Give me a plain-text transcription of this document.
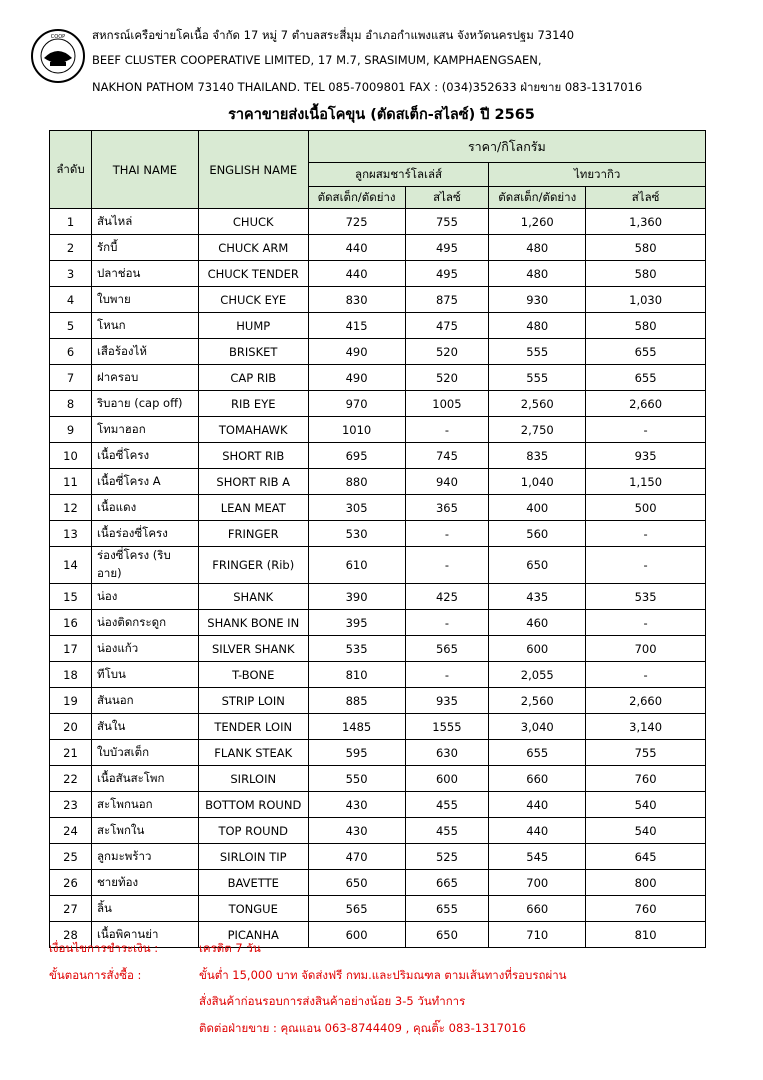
COOP สหกรณ์เครือข่ายโคเนื้อ จำกัด 17 หมู่ 7 ตำบลสระสี่มุม อำเภอกำแพงแสน จังหวัดนครปฐม 73140
BEEF CLUSTER COOPERATIVE LIMITED, 17 M.7, SRASIMUM, KAMPHAENGSAEN,
NAKHON PATHOM 73140 THAILAND. TEL 085-7009801 FAX : (034)352633 ฝ่ายขาย 083-1317016
ราคาขายส่งเนื้อโคขุน (ตัดสเต็ก-สไลซ์) ปี 2565
ลำดับ	THAI NAME	ENGLISH NAME	ราคา/กิโลกรัม			
			ลูกผสมชาร์โลเล่ส์		ไทยวากิว	
			ตัดสเต็ก/ตัดย่าง	สไลซ์	ตัดสเต็ก/ตัดย่าง	สไลซ์
1	สันไหล่	CHUCK	725	755	1,260	1,360
2	รักบี้	CHUCK ARM	440	495	480	580
3	ปลาช่อน	CHUCK TENDER	440	495	480	580
4	ใบพาย	CHUCK EYE	830	875	930	1,030
5	โหนก	HUMP	415	475	480	580
6	เสือร้องไห้	BRISKET	490	520	555	655
7	ฝาครอบ	CAP RIB	490	520	555	655
8	ริบอาย (cap off)	RIB EYE	970	1005	2,560	2,660
9	โทมาฮอก	TOMAHAWK	1010	-	2,750	-
10	เนื้อซี่โครง	SHORT RIB	695	745	835	935
11	เนื้อซี่โครง A	SHORT RIB A	880	940	1,040	1,150
12	เนื้อแดง	LEAN MEAT	305	365	400	500
13	เนื้อร่องซี่โครง	FRINGER	530	-	560	-
14	ร่องซี่โครง (ริบอาย)	FRINGER (Rib)	610	-	650	-
15	น่อง	SHANK	390	425	435	535
16	น่องติดกระดูก	SHANK BONE IN	395	-	460	-
17	น่องแก้ว	SILVER SHANK	535	565	600	700
18	ทีโบน	T-BONE	810	-	2,055	-
19	สันนอก	STRIP LOIN	885	935	2,560	2,660
20	สันใน	TENDER LOIN	1485	1555	3,040	3,140
21	ใบบัวสเต็ก	FLANK STEAK	595	630	655	755
22	เนื้อสันสะโพก	SIRLOIN	550	600	660	760
23	สะโพกนอก	BOTTOM ROUND	430	455	440	540
24	สะโพกใน	TOP ROUND	430	455	440	540
25	ลูกมะพร้าว	SIRLOIN TIP	470	525	545	645
26	ชายท้อง	BAVETTE	650	665	700	800
27	ลิ้น	TONGUE	565	655	660	760
28	เนื้อพิคานย่า	PICANHA	600	650	710	810
เงื่อนไขการชำระเงิน :	เครดิต 7 วัน
ขั้นตอนการสั่งซื้อ :	ขั้นต่ำ 15,000 บาท จัดส่งฟรี กทม.และปริมณฑล ตามเส้นทางที่รอบรถผ่าน
สั่งสินค้าก่อนรอบการส่งสินค้าอย่างน้อย 3-5 วันทำการ
ติดต่อฝ่ายขาย : คุณแอน 063-8744409 , คุณติ๊ะ 083-1317016
